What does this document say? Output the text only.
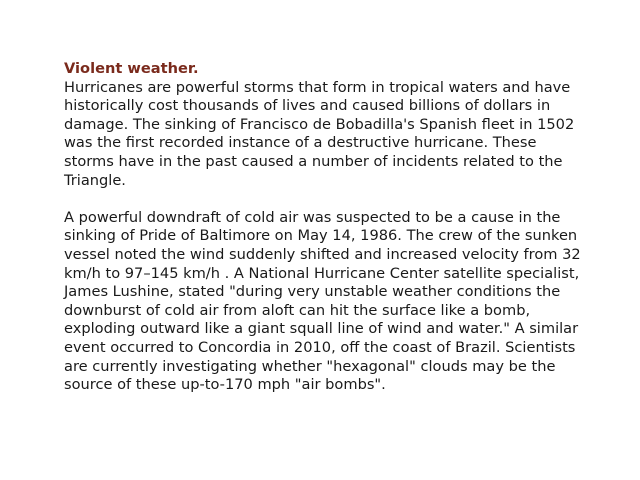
Violent weather.

Hurricanes are powerful storms that form in tropical waters and have historically cost thousands of lives and caused billions of dollars in damage. The sinking of Francisco de Bobadilla's Spanish fleet in 1502 was the first recorded instance of a destructive hurricane. These storms have in the past caused a number of incidents related to the Triangle.

A powerful downdraft of cold air was suspected to be a cause in the sinking of Pride of Baltimore on May 14, 1986. The crew of the sunken vessel noted the wind suddenly shifted and increased velocity from 32 km/h to 97–145 km/h . A National Hurricane Center satellite specialist, James Lushine, stated "during very unstable weather conditions the downburst of cold air from aloft can hit the surface like a bomb, exploding outward like a giant squall line of wind and water." A similar event occurred to Concordia in 2010, off the coast of Brazil. Scientists are currently investigating whether "hexagonal" clouds may be the source of these up-to-170 mph "air bombs".
